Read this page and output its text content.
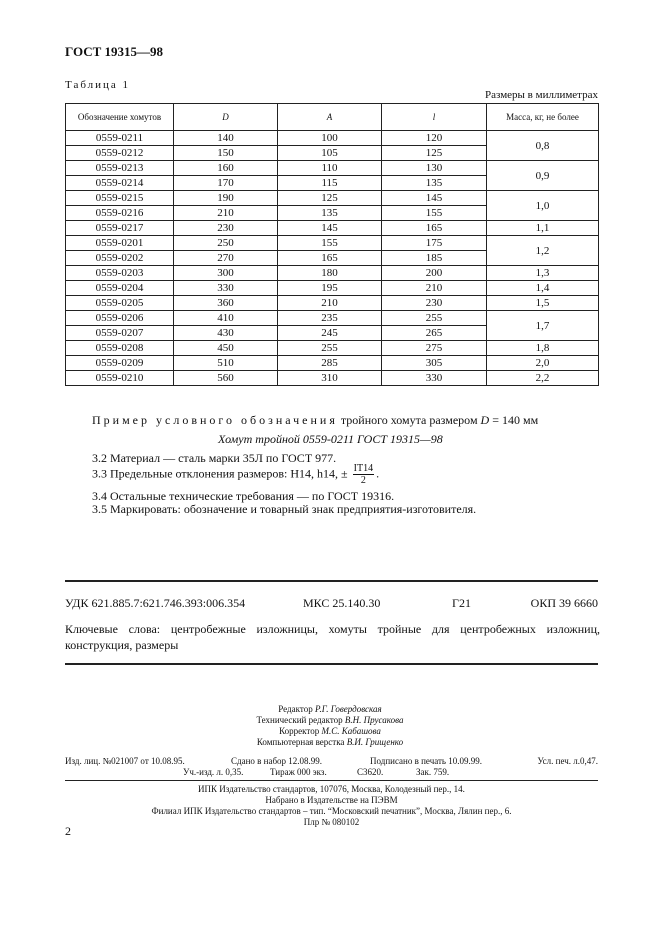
ГОСТ 19315—98
Таблица 1
Размеры в миллиметрах
Обозначение хомутов	D	A	l	Масса, кг, не более
0559-0211	140	100	120	0,8
0559-0212	150	105	125	
0559-0213	160	110	130	0,9
0559-0214	170	115	135	
0559-0215	190	125	145	1,0
0559-0216	210	135	155	
0559-0217	230	145	165	1,1
0559-0201	250	155	175	1,2
0559-0202	270	165	185	
0559-0203	300	180	200	1,3
0559-0204	330	195	210	1,4
0559-0205	360	210	230	1,5
0559-0206	410	235	255	1,7
0559-0207	430	245	265	
0559-0208	450	255	275	1,8
0559-0209	510	285	305	2,0
0559-0210	560	310	330	2,2
Пример условного обозначения тройного хомута размером D = 140 мм
Хомут тройной 0559-0211 ГОСТ 19315—98
3.2 Материал — сталь марки 35Л по ГОСТ 977.
3.3 Предельные отклонения размеров: Н14, h14, ± $\frac{IT14}{2}$ .
3.4 Остальные технические требования — по ГОСТ 19316.
3.5 Маркировать: обозначение и товарный знак предприятия-изготовителя.
УДК 621.885.7:621.746.393:006.354	МКС 25.140.30	Г21	ОКП 39 6660
Ключевые слова: центробежные изложницы, хомуты тройные для центробежных изложниц, конструкция, размеры
Редактор Р.Г. Говердовская
Технический редактор В.Н. Прусакова
Корректор М.С. Кабашова
Компьютерная верстка В.И. Грищенко
Изд. лиц. №021007 от 10.08.95.	Сдано в набор 12.08.99.	Подписано в печать 10.09.99.	Усл. печ. л.0,47.
Уч.-изд. л. 0,35.	Тираж 000 экз.	С3620.	Зак. 759.
ИПК Издательство стандартов, 107076, Москва, Колодезный пер., 14.
Набрано в Издательстве на ПЭВМ
Филиал ИПК Издательство стандартов – тип. “Московский печатник”, Москва, Лялин пер., 6.
Плр № 080102
2
